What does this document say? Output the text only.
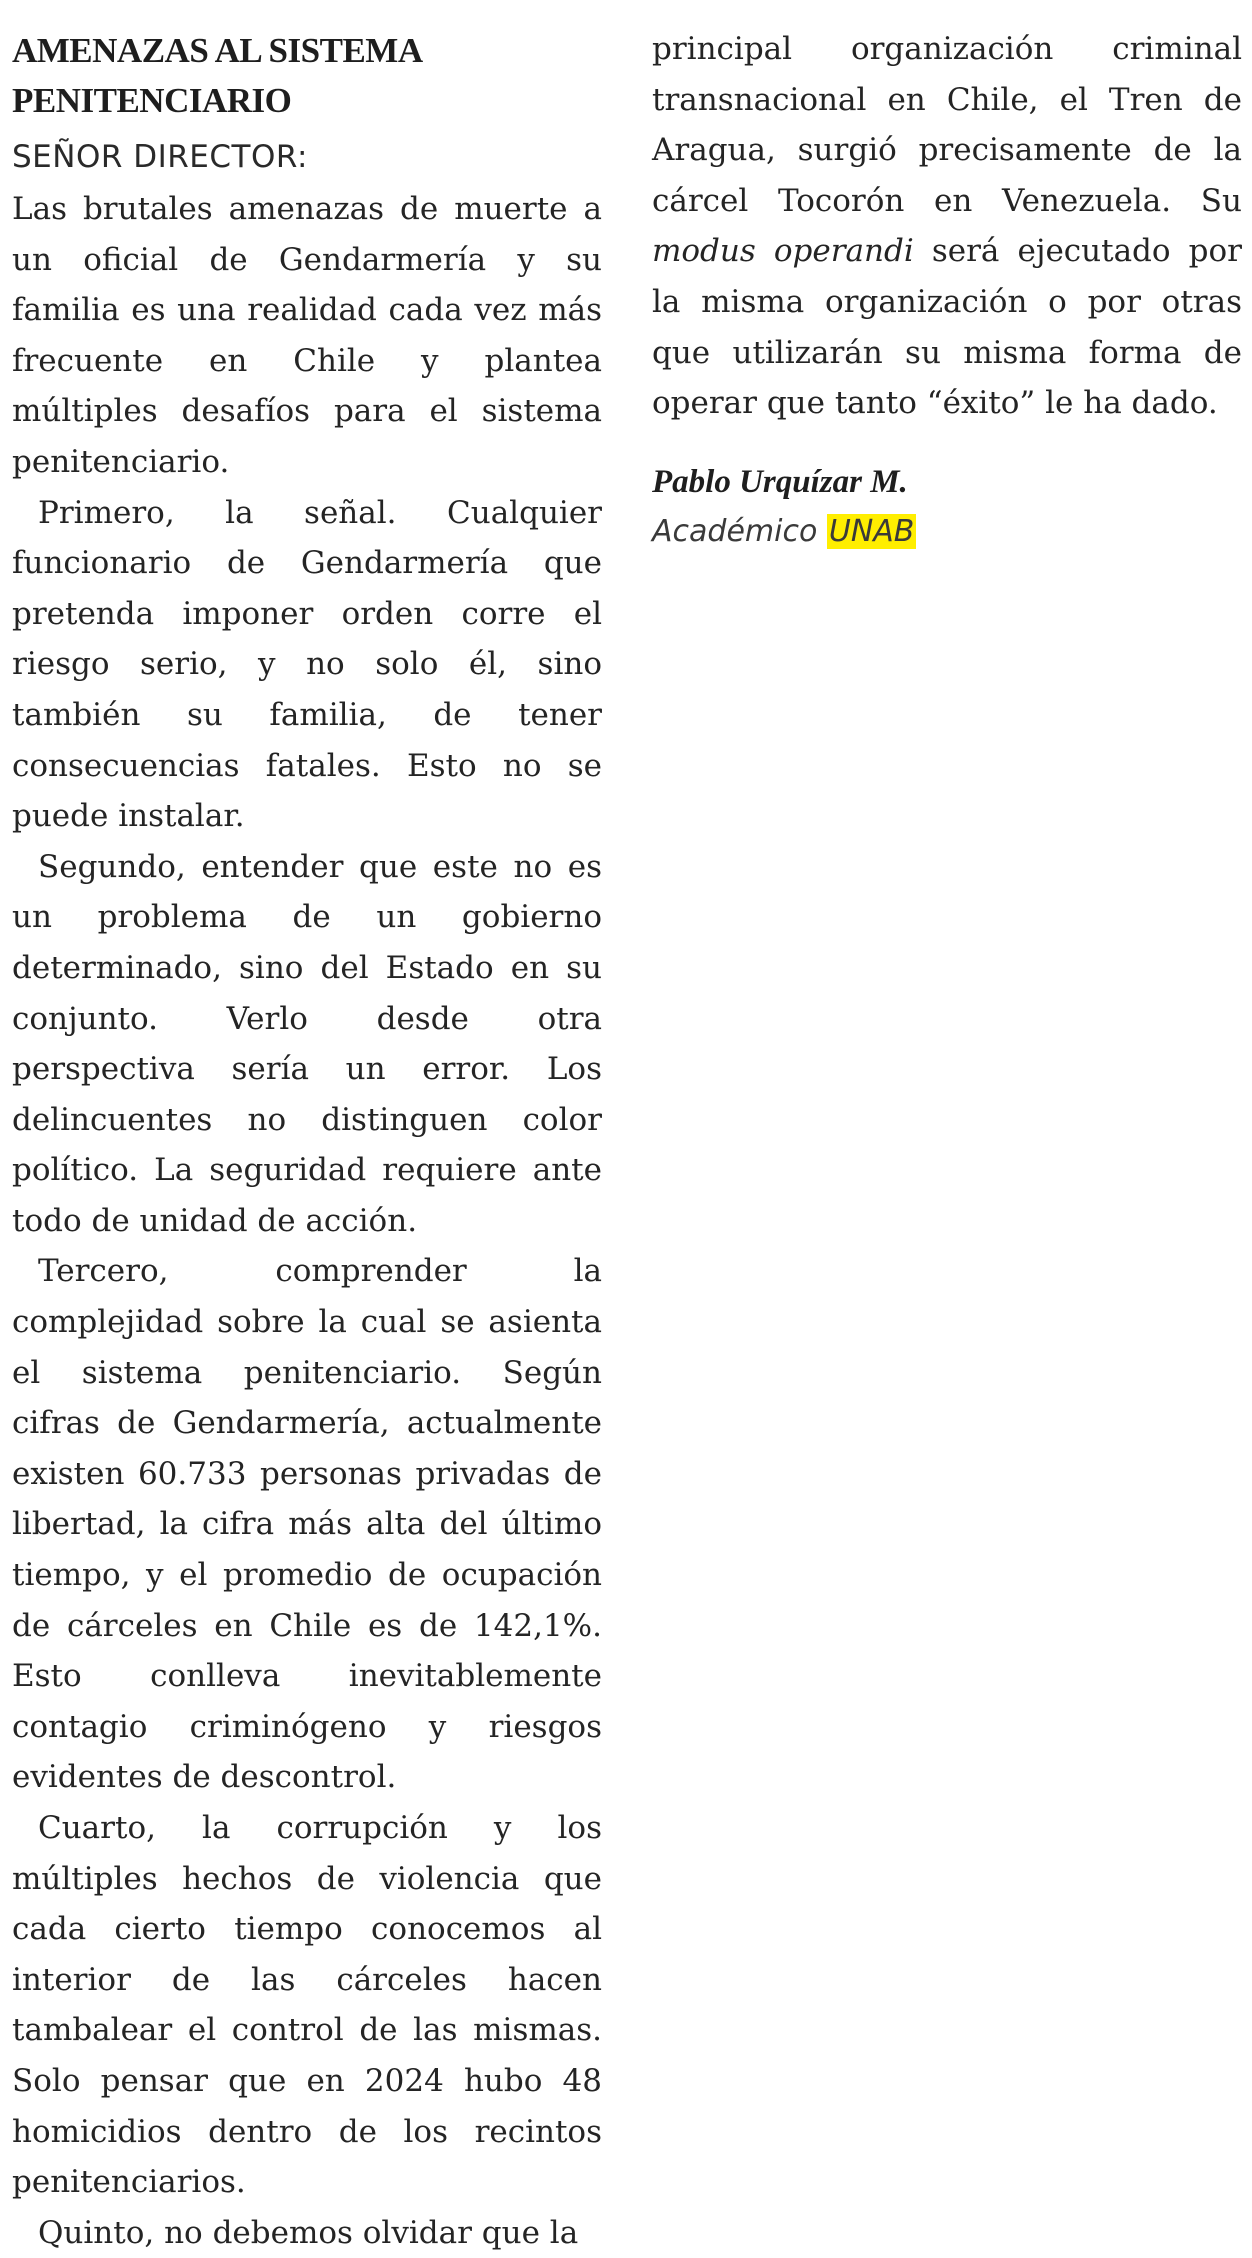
AMENAZAS AL SISTEMA
PENITENCIARIO

SEÑOR DIRECTOR:

Las brutales amenazas de muerte a un oficial de Gendarmería y su familia es una realidad cada vez más frecuente en Chile y plantea múltiples desafíos para el sistema penitenciario.

Primero, la señal. Cualquier funcionario de Gendarmería que pretenda imponer orden corre el riesgo serio, y no solo él, sino también su familia, de tener consecuencias fatales. Esto no se puede instalar.

Segundo, entender que este no es un problema de un gobierno determinado, sino del Estado en su conjunto. Verlo desde otra perspectiva sería un error. Los delincuentes no distinguen color político. La seguridad requiere ante todo de unidad de acción.

Tercero, comprender la complejidad sobre la cual se asienta el sistema penitenciario. Según cifras de Gendarmería, actualmente existen 60.733 personas privadas de libertad, la cifra más alta del último tiempo, y el promedio de ocupación de cárceles en Chile es de 142,1%. Esto conlleva inevitablemente contagio criminógeno y riesgos evidentes de descontrol.

Cuarto, la corrupción y los múltiples hechos de violencia que cada cierto tiempo conocemos al interior de las cárceles hacen tambalear el control de las mismas. Solo pensar que en 2024 hubo 48 homicidios dentro de los recintos penitenciarios.

Quinto, no debemos olvidar que la

principal organización criminal transnacional en Chile, el Tren de Aragua, surgió precisamente de la cárcel Tocorón en Venezuela. Su modus operandi será ejecutado por la misma organización o por otras que utilizarán su misma forma de operar que tanto “éxito” le ha dado.

Pablo Urquízar M.

Académico UNAB
